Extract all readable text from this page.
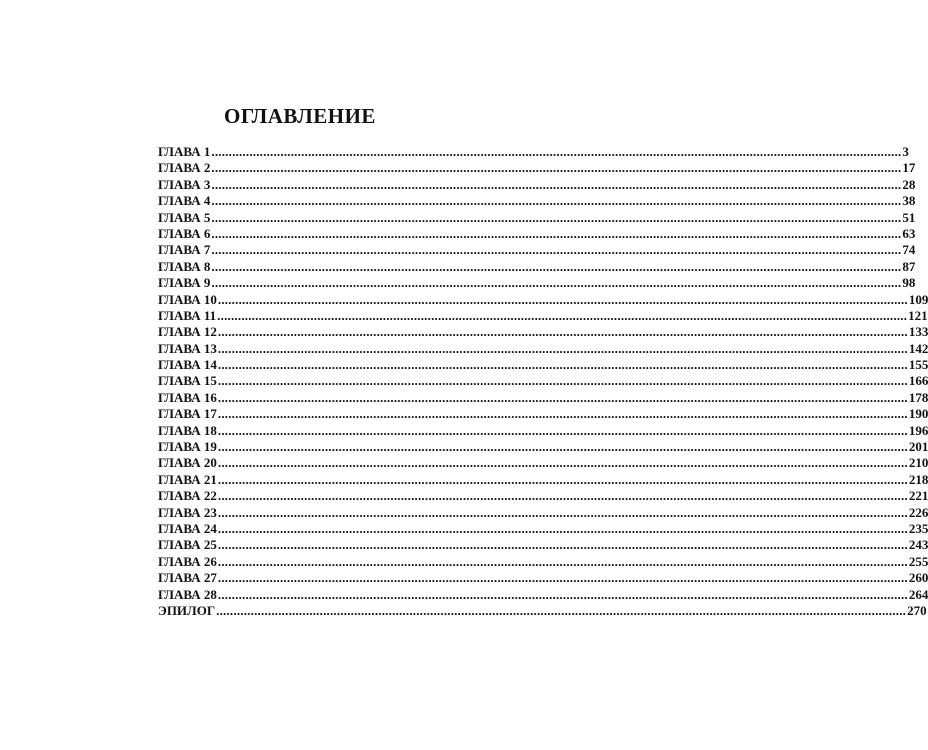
ОГЛАВЛЕНИЕ
ГЛАВА 1 ........................................................................................................................................................................................................ 3
ГЛАВА 2 ........................................................................................................................................................................................................ 17
ГЛАВА 3 ........................................................................................................................................................................................................ 28
ГЛАВА 4 ........................................................................................................................................................................................................ 38
ГЛАВА 5 ........................................................................................................................................................................................................ 51
ГЛАВА 6 ........................................................................................................................................................................................................ 63
ГЛАВА 7 ........................................................................................................................................................................................................ 74
ГЛАВА 8 ........................................................................................................................................................................................................ 87
ГЛАВА 9 ........................................................................................................................................................................................................ 98
ГЛАВА 10 ........................................................................................................................................................................................................ 109
ГЛАВА 11 ........................................................................................................................................................................................................ 121
ГЛАВА 12 ........................................................................................................................................................................................................ 133
ГЛАВА 13 ........................................................................................................................................................................................................ 142
ГЛАВА 14 ........................................................................................................................................................................................................ 155
ГЛАВА 15 ........................................................................................................................................................................................................ 166
ГЛАВА 16 ........................................................................................................................................................................................................ 178
ГЛАВА 17 ........................................................................................................................................................................................................ 190
ГЛАВА 18 ........................................................................................................................................................................................................ 196
ГЛАВА 19 ........................................................................................................................................................................................................ 201
ГЛАВА 20 ........................................................................................................................................................................................................ 210
ГЛАВА 21 ........................................................................................................................................................................................................ 218
ГЛАВА 22 ........................................................................................................................................................................................................ 221
ГЛАВА 23 ........................................................................................................................................................................................................ 226
ГЛАВА 24 ........................................................................................................................................................................................................ 235
ГЛАВА 25 ........................................................................................................................................................................................................ 243
ГЛАВА 26 ........................................................................................................................................................................................................ 255
ГЛАВА 27 ........................................................................................................................................................................................................ 260
ГЛАВА 28 ........................................................................................................................................................................................................ 264
ЭПИЛОГ ........................................................................................................................................................................................................ 270
